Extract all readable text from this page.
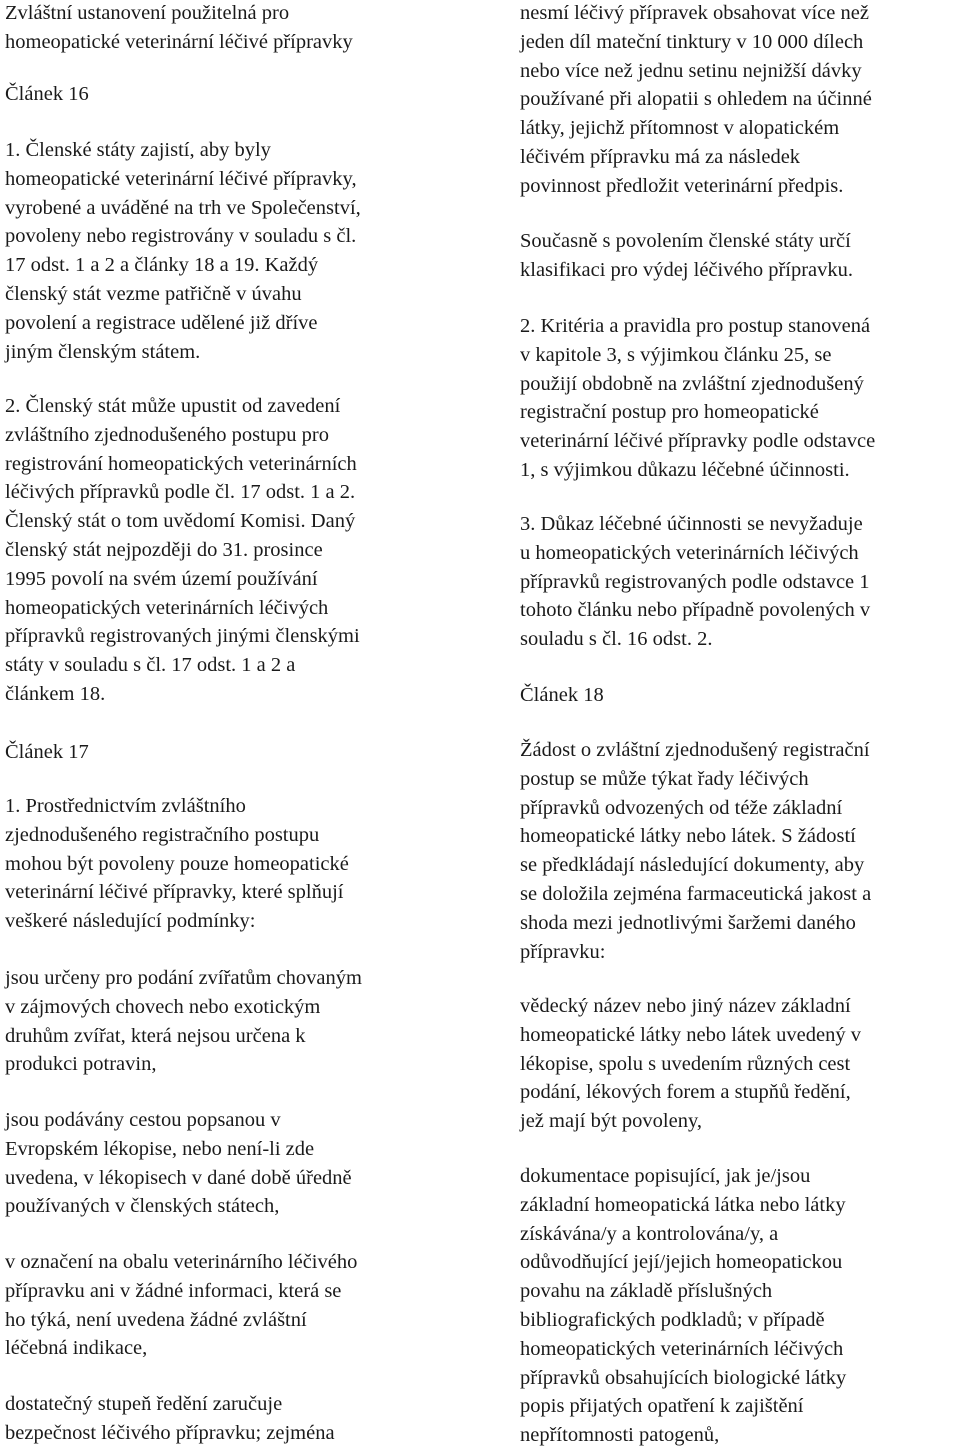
Zvláštní ustanovení použitelná pro
homeopatické veterinární léčivé přípravky

Článek 16

1. Členské státy zajistí, aby byly
homeopatické veterinární léčivé přípravky,
vyrobené a uváděné na trh ve Společenství,
povoleny nebo registrovány v souladu s čl.
17 odst. 1 a 2 a články 18 a 19. Každý
členský stát vezme patřičně v úvahu
povolení a registrace udělené již dříve
jiným členským státem.

2. Členský stát může upustit od zavedení
zvláštního zjednodušeného postupu pro
registrování homeopatických veterinárních
léčivých přípravků podle čl. 17 odst. 1 a 2.
Členský stát o tom uvědomí Komisi. Daný
členský stát nejpozději do 31. prosince
1995 povolí na svém území používání
homeopatických veterinárních léčivých
přípravků registrovaných jinými členskými
státy v souladu s čl. 17 odst. 1 a 2 a
článkem 18.

Článek 17

1. Prostřednictvím zvláštního
zjednodušeného registračního postupu
mohou být povoleny pouze homeopatické
veterinární léčivé přípravky, které splňují
veškeré následující podmínky:

jsou určeny pro podání zvířatům chovaným
v zájmových chovech nebo exotickým
druhům zvířat, která nejsou určena k
produkci potravin,

jsou podávány cestou popsanou v
Evropském lékopise, nebo není-li zde
uvedena, v lékopisech v dané době úředně
používaných v členských státech,

v označení na obalu veterinárního léčivého
přípravku ani v žádné informaci, která se
ho týká, není uvedena žádné zvláštní
léčebná indikace,

dostatečný stupeň ředění zaručuje
bezpečnost léčivého přípravku; zejména

nesmí léčivý přípravek obsahovat více než
jeden díl mateční tinktury v 10 000 dílech
nebo více než jednu setinu nejnižší dávky
používané při alopatii s ohledem na účinné
látky, jejichž přítomnost v alopatickém
léčivém přípravku má za následek
povinnost předložit veterinární předpis.

Současně s povolením členské státy určí
klasifikaci pro výdej léčivého přípravku.

2. Kritéria a pravidla pro postup stanovená
v kapitole 3, s výjimkou článku 25, se
použijí obdobně na zvláštní zjednodušený
registrační postup pro homeopatické
veterinární léčivé přípravky podle odstavce
1, s výjimkou důkazu léčebné účinnosti.

3. Důkaz léčebné účinnosti se nevyžaduje
u homeopatických veterinárních léčivých
přípravků registrovaných podle odstavce 1
tohoto článku nebo případně povolených v
souladu s čl. 16 odst. 2.

Článek 18

Žádost o zvláštní zjednodušený registrační
postup se může týkat řady léčivých
přípravků odvozených od téže základní
homeopatické látky nebo látek. S žádostí
se předkládají následující dokumenty, aby
se doložila zejména farmaceutická jakost a
shoda mezi jednotlivými šaržemi daného
přípravku:

vědecký název nebo jiný název základní
homeopatické látky nebo látek uvedený v
lékopise, spolu s uvedením různých cest
podání, lékových forem a stupňů ředění,
jež mají být povoleny,

dokumentace popisující, jak je/jsou
základní homeopatická látka nebo látky
získávána/y a kontrolována/y, a
odůvodňující její/jejich homeopatickou
povahu na základě příslušných
bibliografických podkladů; v případě
homeopatických veterinárních léčivých
přípravků obsahujících biologické látky
popis přijatých opatření k zajištění
nepřítomnosti patogenů,
